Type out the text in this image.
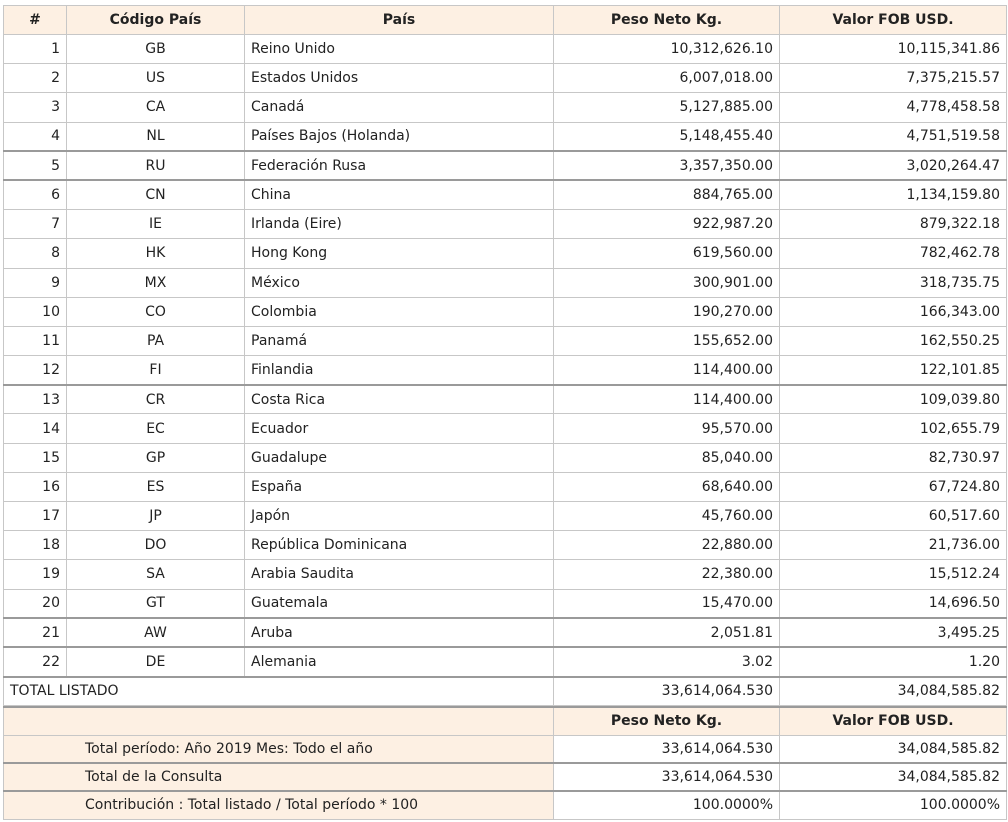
#	Código País	País	Peso Neto Kg.	Valor FOB USD.
1	GB	Reino Unido	10,312,626.10	10,115,341.86
2	US	Estados Unidos	6,007,018.00	7,375,215.57
3	CA	Canadá	5,127,885.00	4,778,458.58
4	NL	Países Bajos (Holanda)	5,148,455.40	4,751,519.58
5	RU	Federación Rusa	3,357,350.00	3,020,264.47
6	CN	China	884,765.00	1,134,159.80
7	IE	Irlanda (Eire)	922,987.20	879,322.18
8	HK	Hong Kong	619,560.00	782,462.78
9	MX	México	300,901.00	318,735.75
10	CO	Colombia	190,270.00	166,343.00
11	PA	Panamá	155,652.00	162,550.25
12	FI	Finlandia	114,400.00	122,101.85
13	CR	Costa Rica	114,400.00	109,039.80
14	EC	Ecuador	95,570.00	102,655.79
15	GP	Guadalupe	85,040.00	82,730.97
16	ES	España	68,640.00	67,724.80
17	JP	Japón	45,760.00	60,517.60
18	DO	República Dominicana	22,880.00	21,736.00
19	SA	Arabia Saudita	22,380.00	15,512.24
20	GT	Guatemala	15,470.00	14,696.50
21	AW	Aruba	2,051.81	3,495.25
22	DE	Alemania	3.02	1.20
TOTAL LISTADO			33,614,064.530	34,084,585.82
	Peso Neto Kg.	Valor FOB USD.
Total período: Año 2019 Mes: Todo el año	33,614,064.530	34,084,585.82
Total de la Consulta	33,614,064.530	34,084,585.82
Contribución : Total listado / Total período * 100	100.0000%	100.0000%
